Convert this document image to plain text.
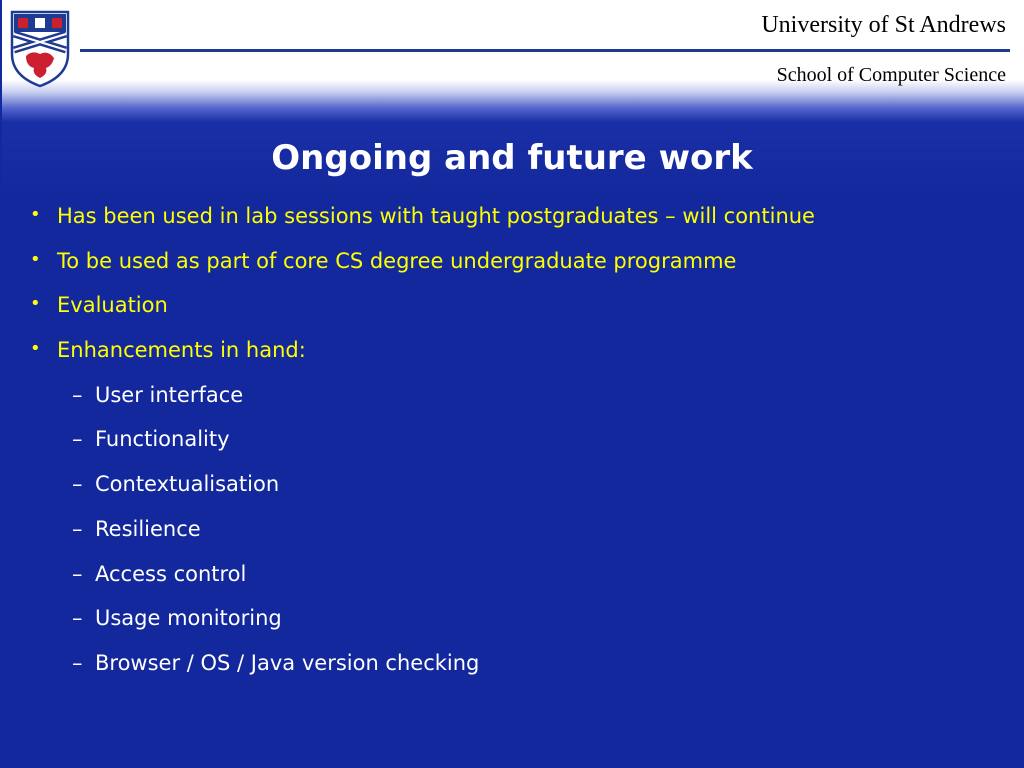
University of St Andrews
School of Computer Science
Ongoing and future work
• Has been used in lab sessions with taught postgraduates – will continue
• To be used as part of core CS degree undergraduate programme
• Evaluation
• Enhancements in hand:
– User interface
– Functionality
– Contextualisation
– Resilience
– Access control
– Usage monitoring
– Browser / OS / Java version checking
